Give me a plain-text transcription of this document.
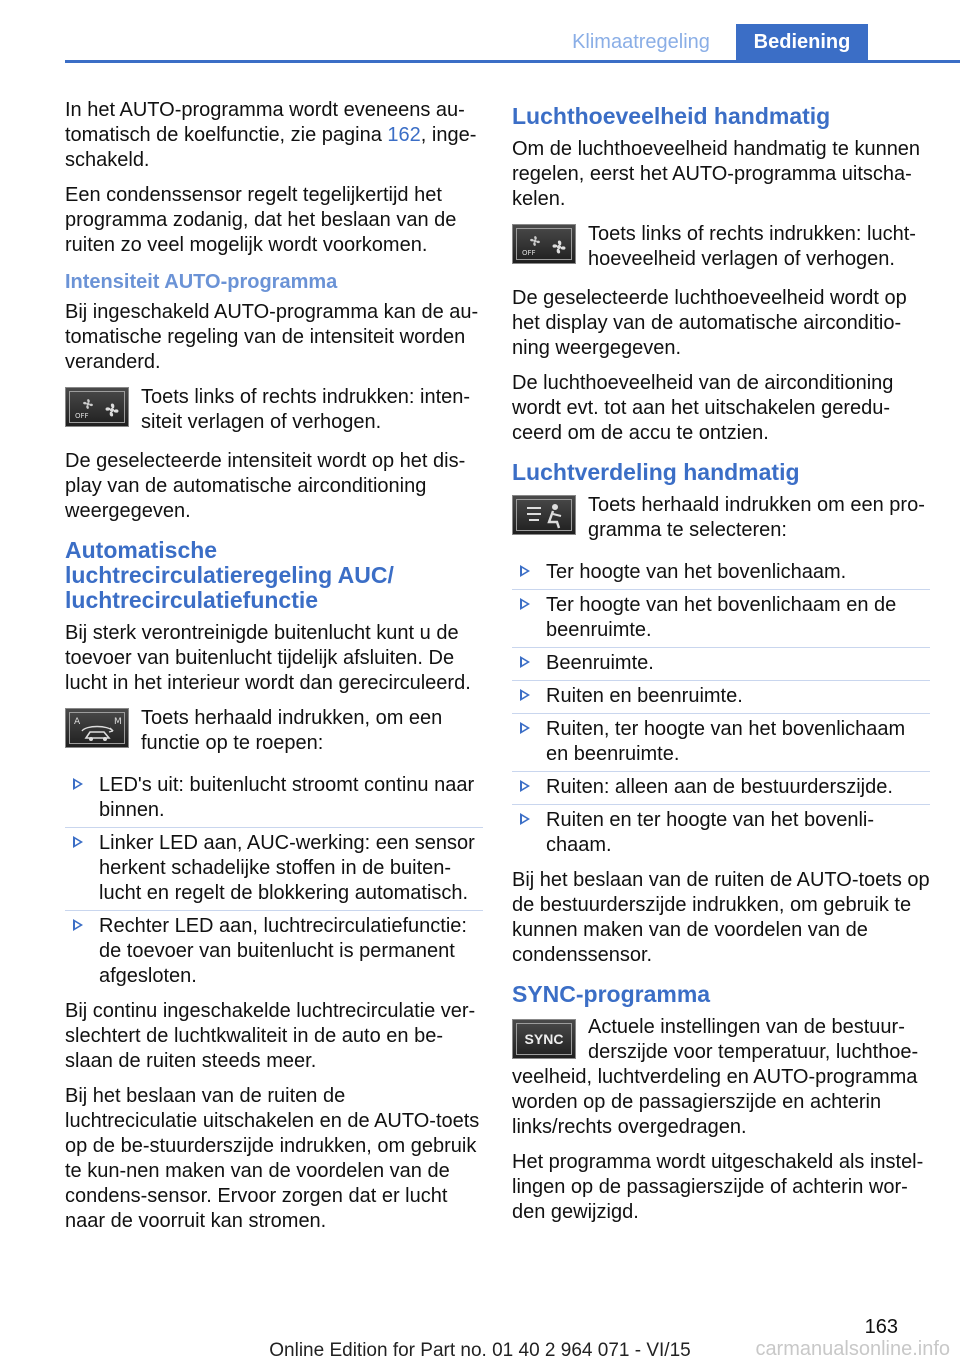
Klimaatregeling	Bediening

In het AUTO-programma wordt eveneens au-tomatisch de koelfunctie, zie pagina 162, inge-schakeld.

Een condenssensor regelt tegelijkertijd het programma zodanig, dat het beslaan van de ruiten zo veel mogelijk wordt voorkomen.

Intensiteit AUTO-programma

Bij ingeschakeld AUTO-programma kan de au-tomatische regeling van de intensiteit worden veranderd.

OFF

Toets links of rechts indrukken: inten-siteit verlagen of verhogen.

De geselecteerde intensiteit wordt op het dis-play van de automatische airconditioning weergegeven.

Automatische luchtrecirculatieregeling AUC/ luchtrecirculatiefunctie

Bij sterk verontreinigde buitenlucht kunt u de toevoer van buitenlucht tijdelijk afsluiten. De lucht in het interieur wordt dan gerecirculeerd.

A	M Toets herhaald indrukken, om een functie op te roepen:

LED's uit: buitenlucht stroomt continu naar binnen.
Linker LED aan, AUC-werking: een sensor herkent schadelijke stoffen in de buiten-lucht en regelt de blokkering automatisch.
Rechter LED aan, luchtrecirculatiefunctie: de toevoer van buitenlucht is permanent afgesloten.

Bij continu ingeschakelde luchtrecirculatie ver-slechtert de luchtkwaliteit in de auto en be-slaan de ruiten steeds meer.

Bij het beslaan van de ruiten de luchtreciculatie uitschakelen en de AUTO-toets op de be-stuurderszijde indrukken, om gebruik te kun-nen maken van de voordelen van de condens-sensor. Ervoor zorgen dat er lucht naar de voorruit kan stromen.

Luchthoeveelheid handmatig

Om de luchthoeveelheid handmatig te kunnen regelen, eerst het AUTO-programma uitscha-kelen.

OFF

Toets links of rechts indrukken: lucht-hoeveelheid verlagen of verhogen.

De geselecteerde luchthoeveelheid wordt op het display van de automatische airconditio-ning weergegeven.

De luchthoeveelheid van de airconditioning wordt evt. tot aan het uitschakelen geredu-ceerd om de accu te ontzien.

Luchtverdeling handmatig

Toets herhaald indrukken om een pro-gramma te selecteren:

Ter hoogte van het bovenlichaam.
Ter hoogte van het bovenlichaam en de beenruimte.
Beenruimte.
Ruiten en beenruimte.
Ruiten, ter hoogte van het bovenlichaam en beenruimte.
Ruiten: alleen aan de bestuurderszijde.
Ruiten en ter hoogte van het bovenli-chaam.

Bij het beslaan van de ruiten de AUTO-toets op de bestuurderszijde indrukken, om gebruik te kunnen maken van de voordelen van de condenssensor.

SYNC-programma
SYNC

Actuele instellingen van de bestuur-derszijde voor temperatuur, luchthoe-veelheid, luchtverdeling en AUTO-programma worden op de passagierszijde en achterin links/rechts overgedragen.

Het programma wordt uitgeschakeld als instel-lingen op de passagierszijde of achterin wor-den gewijzigd.

163
Online Edition for Part no. 01 40 2 964 071 - VI/15	carmanualsonline.info
